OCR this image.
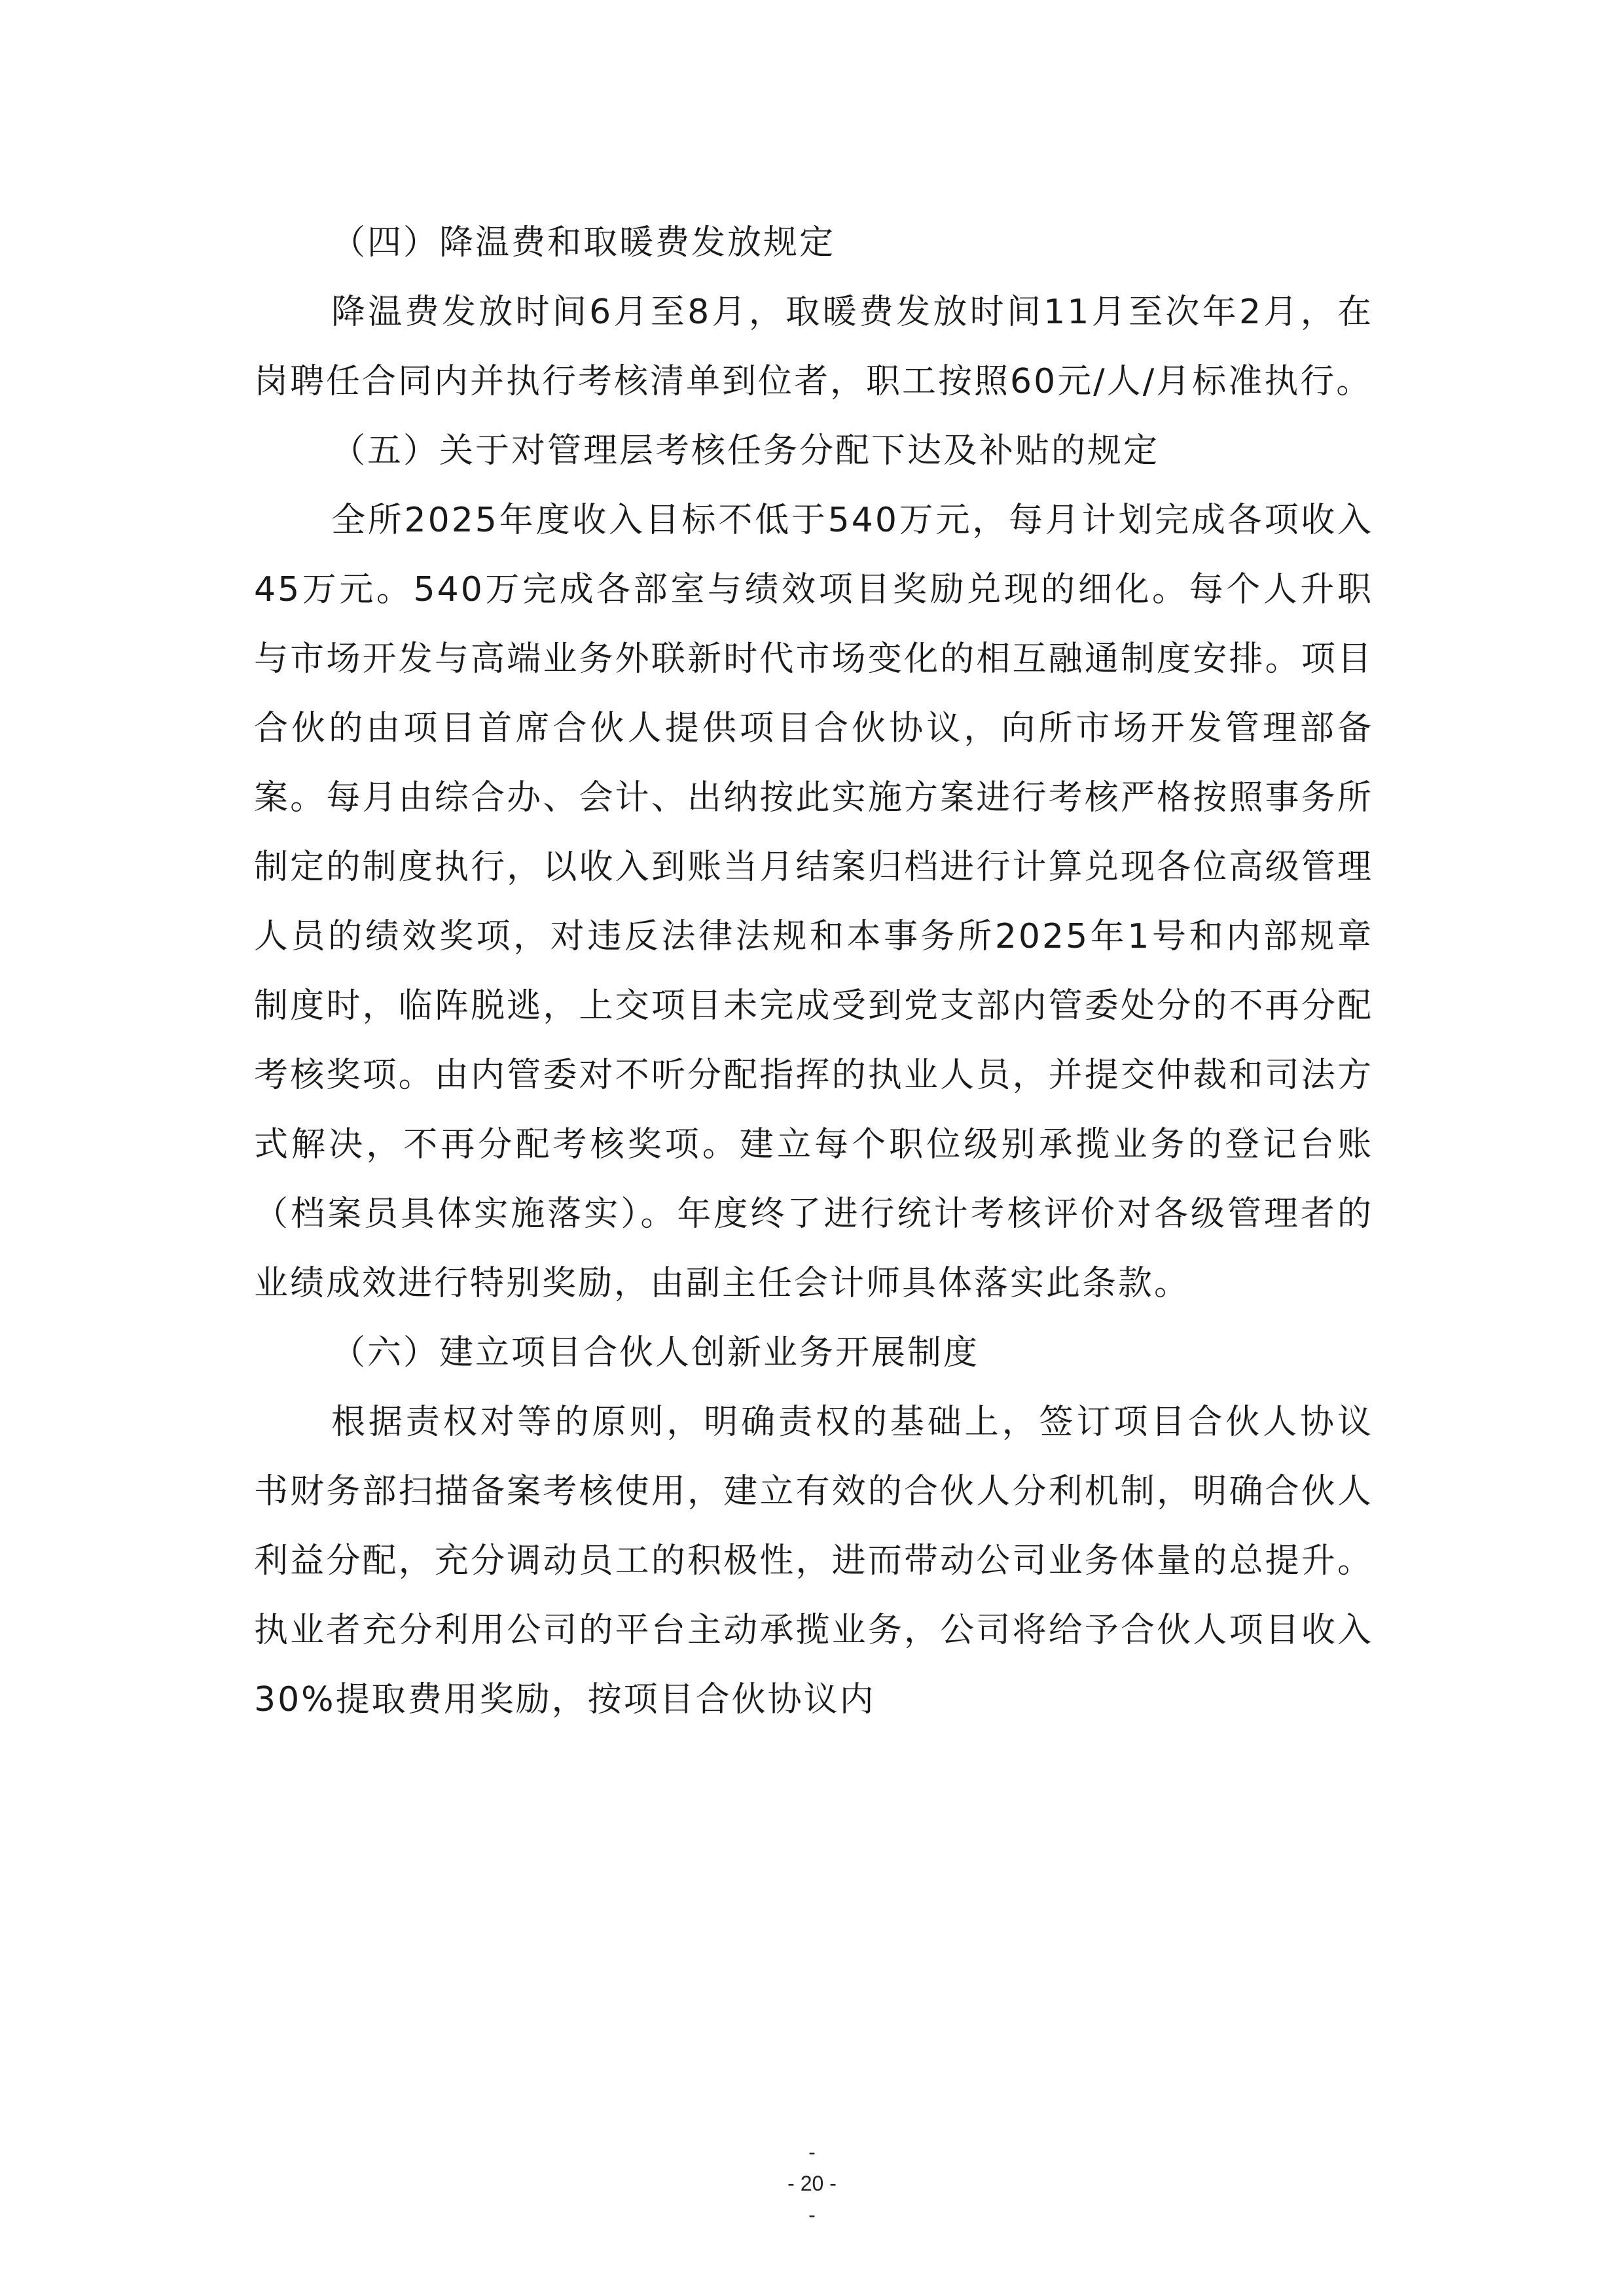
（四）降温费和取暖费发放规定

降温费发放时间6月至8月，取暖费发放时间11月至次年2月，在岗聘任合同内并执行考核清单到位者，职工按照60元/人/月标准执行。

（五）关于对管理层考核任务分配下达及补贴的规定

全所2025年度收入目标不低于540万元，每月计划完成各项收入45万元。540万完成各部室与绩效项目奖励兑现的细化。每个人升职与市场开发与高端业务外联新时代市场变化的相互融通制度安排。项目合伙的由项目首席合伙人提供项目合伙协议，向所市场开发管理部备案。每月由综合办、会计、出纳按此实施方案进行考核严格按照事务所制定的制度执行，以收入到账当月结案归档进行计算兑现各位高级管理人员的绩效奖项，对违反法律法规和本事务所2025年1号和内部规章制度时，临阵脱逃，上交项目未完成受到党支部内管委处分的不再分配考核奖项。由内管委对不听分配指挥的执业人员，并提交仲裁和司法方式解决，不再分配考核奖项。建立每个职位级别承揽业务的登记台账（档案员具体实施落实）。年度终了进行统计考核评价对各级管理者的业绩成效进行特别奖励，由副主任会计师具体落实此条款。

（六）建立项目合伙人创新业务开展制度

根据责权对等的原则，明确责权的基础上，签订项目合伙人协议书财务部扫描备案考核使用，建立有效的合伙人分利机制，明确合伙人利益分配，充分调动员工的积极性，进而带动公司业务体量的总提升。执业者充分利用公司的平台主动承揽业务，公司将给予合伙人项目收入30%提取费用奖励，按项目合伙协议内

-
- 20 -
-
